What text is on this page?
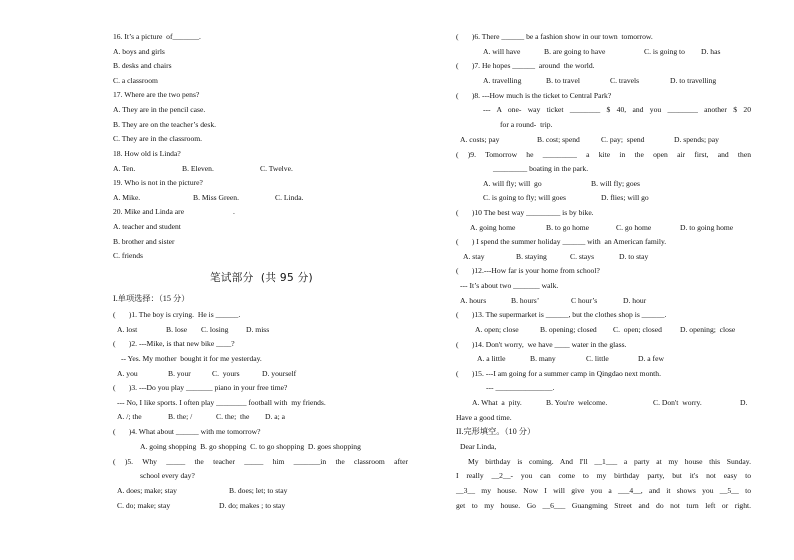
16. It’s a picture  of_______.
A. boys and girls
B. desks and chairs
C. a classroom
17. Where are the two pens?
A. They are in the pencil case.
B. They are on the teacher’s desk.
C. They are in the classroom.
18. How old is Linda?
A. Ten.	B. Eleven.	C. Twelve.
19. Who is not in the picture?
A. Mike.	B. Miss Green.	C. Linda.
20. Mike and Linda are	.
A. teacher and student
B. brother and sister
C. friends
笔试部分  (共 95 分)
I.单项选择：（15 分）
(       )1. The boy is crying.  He is ______.
A. lost	B. lose C. losing D. miss
(       )2. ---Mike, is that new bike ____?
-- Yes. My mother  bought it for me yesterday.
A. you	B. your	C.  yours	D. yourself
(       )3. ---Do you play _______ piano in your free time?
--- No, I like sports. I often play ________ football with  my friends.
A. /; the	B. the; /	C. the;  the D. a; a
(       )4. What about ______ with me tomorrow?
A. going shopping  B. go shopping  C. to go shopping  D. goes shopping
( )5. Why _____ the teacher _____ him _______in the classroom after
school every day?
A. does; make; stay	B. does; let; to stay
C. do; make; stay	D. do; makes ; to stay
(       )6. There ______ be a fashion show in our town  tomorrow.
A. will have	B. are going to have	C. is going to D. has
(       )7. He hopes ______  around  the world.
A. travelling	B. to travel	C. travels	D. to travelling
(       )8. ---How much is the ticket to Central Park?
--- A one- way ticket ________ $ 40, and you ________ another $ 20
for a round-  trip.
A. costs; pay	B. cost; spend	C. pay;  spend	D. spends; pay
( )9. Tomorrow he _________ a kite in the open air first, and then
_________ boating in the park.
A. will fly; will  go	B. will fly; goes
C. is going to fly; will goes	D. flies; will go
(       )10 The best way _________ is by bike.
A. going home	B. to go home	C. go home	D. to going home
(       ) I spend the summer holiday ______ with  an American family.
A. stay	B. staying	C. stays	D. to stay
(       )12.---How far is your home from school?
--- It’s about two _______ walk.
A. hours	B. hours’	C hour’s	D. hour
(       )13. The supermarket is ______, but the clothes shop is ______.
A. open; close	B. opening; closed C.  open; closed D. opening;  close
(       )14. Don't worry,  we have ____ water in the glass.
A. a little	B. many	C. little	D. a few
(       )15. ---I am going for a summer camp in Qingdao next month.
--- _______________.
A. What  a  pity.	B. You're  welcome.	C. Don't  worry.	D.
Have a good time.
II.完形填空。（10 分）
Dear Linda,
My birthday is coming. And I'll __1___ a party at my house this Sunday.
I really __2__- you can come to my birthday party, but it's not easy to
__3__ my house. Now I will give you a ___4__, and it shows you __5__ to
get to my house. Go __6___ Guangming Street and do not turn left or right.
